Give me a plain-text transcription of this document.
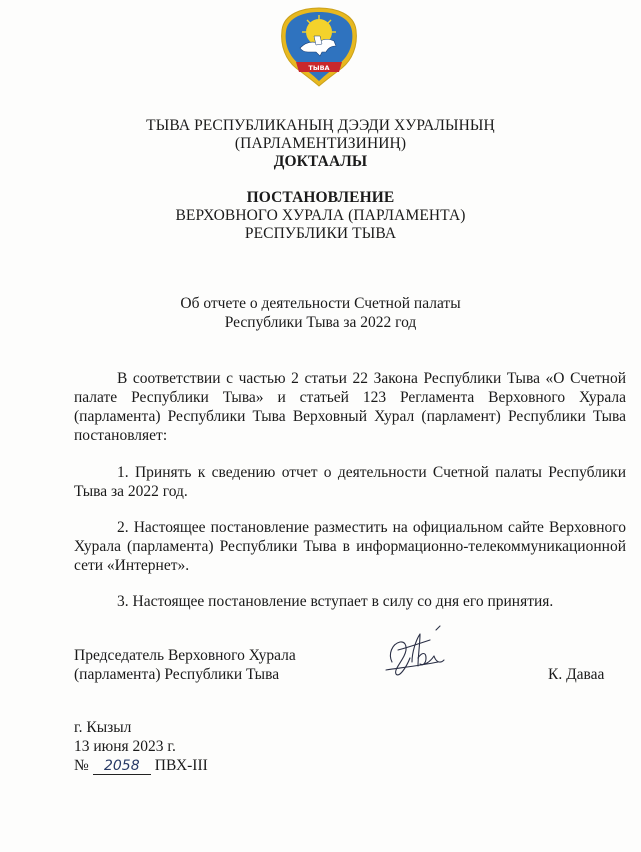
ТЫВА
ТЫВА РЕСПУБЛИКАНЫҢ ДЭЭДИ ХУРАЛЫНЫҢ
(ПАРЛАМЕНТИЗИНИҢ)
ДОКТААЛЫ
ПОСТАНОВЛЕНИЕ
ВЕРХОВНОГО ХУРАЛА (ПАРЛАМЕНТА)
РЕСПУБЛИКИ ТЫВА
Об отчете о деятельности Счетной палаты
Республики Тыва за 2022 год
В соответствии с частью 2 статьи 22 Закона Республики Тыва «О Счетной палате Республики Тыва» и статьей 123 Регламента Верховного Хурала (парламента) Республики Тыва Верховный Хурал (парламент) Республики Тыва постановляет:
1. Принять к сведению отчет о деятельности Счетной палаты Республики Тыва за 2022 год.
2. Настоящее постановление разместить на официальном сайте Верховного Хурала (парламента) Республики Тыва в информационно-телекоммуникационной сети «Интернет».
3. Настоящее постановление вступает в силу со дня его принятия.
Председатель Верховного Хурала
(парламента) Республики Тыва	К. Даваа
г. Кызыл
13 июня 2023 г.
№ 2058 ПВХ-III
